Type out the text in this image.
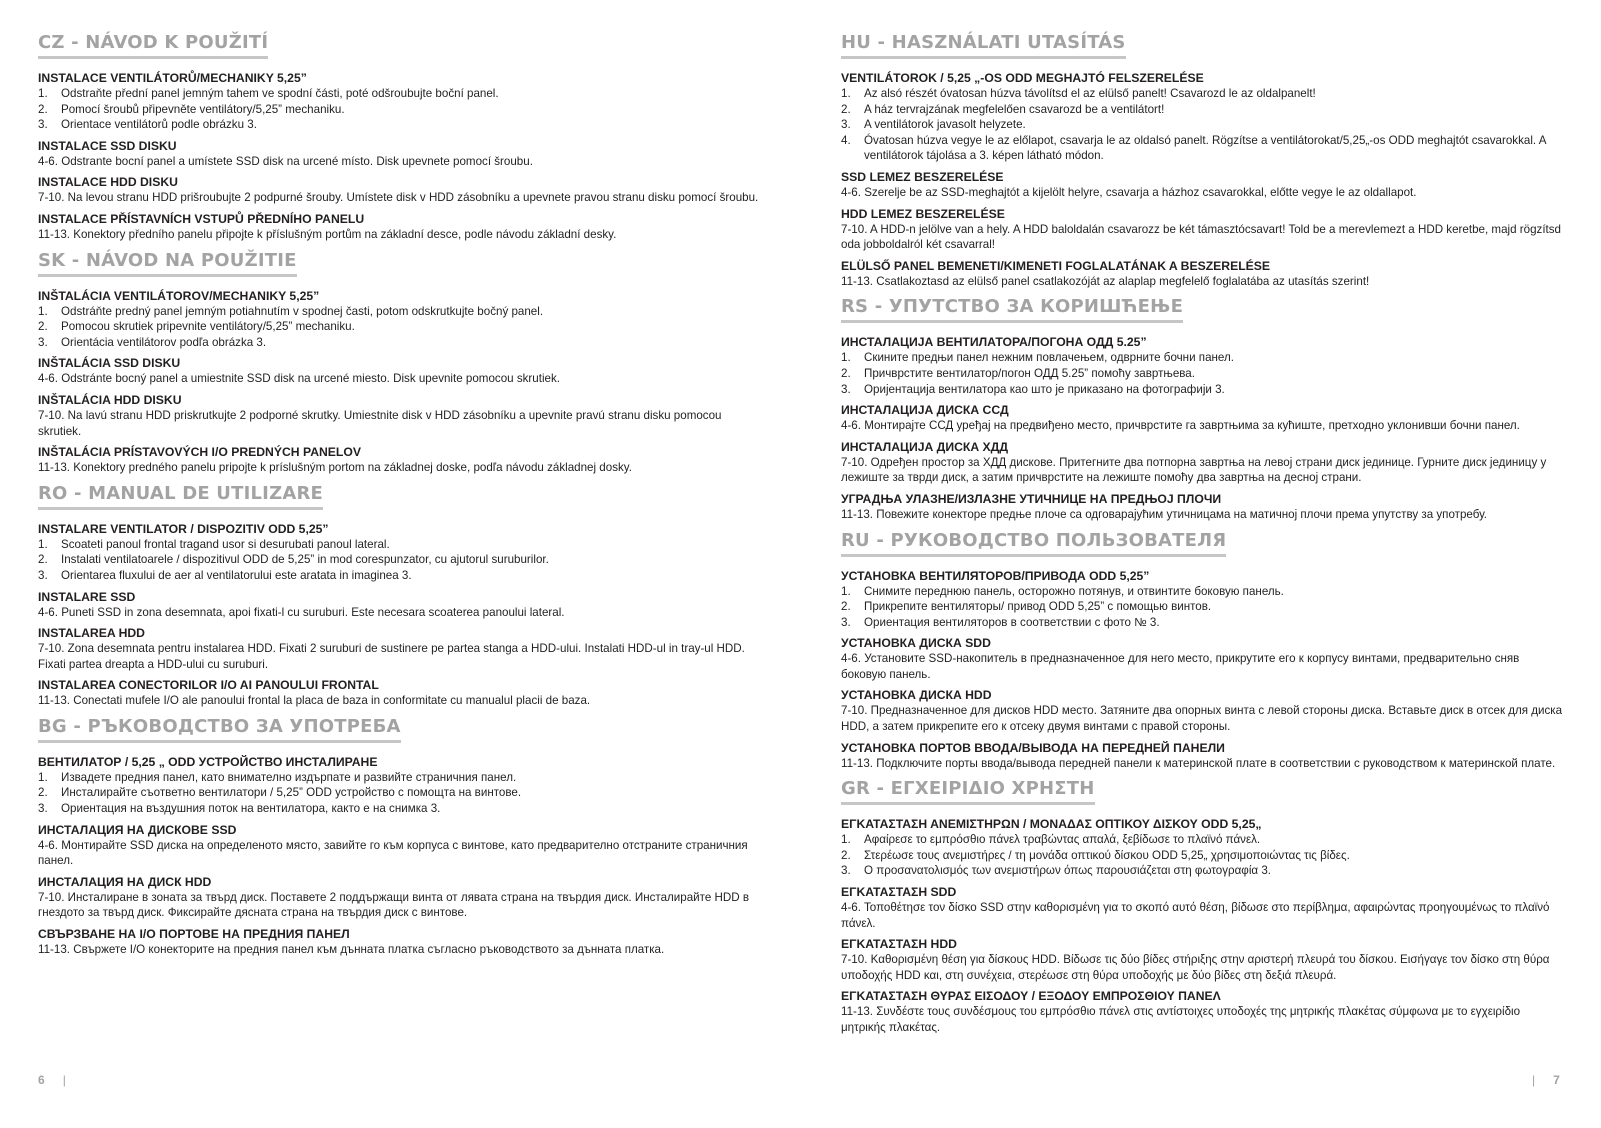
CZ - NÁVOD K POUŽITÍ
INSTALACE VENTILÁTORŮ/MECHANIKY 5,25”
1.	Odstraňte přední panel jemným tahem ve spodní části, poté odšroubujte boční panel.
2.	Pomocí šroubů připevněte ventilátory/5,25” mechaniku.
3.	Orientace ventilátorů podle obrázku 3.
INSTALACE SSD DISKU
4-6. Odstrante bocní panel a umístete SSD disk na urcené místo. Disk upevnete pomocí šroubu.
INSTALACE HDD DISKU
7-10. Na levou stranu HDD prišroubujte 2 podpurné šrouby. Umístete disk v HDD zásobníku a upevnete pravou stranu disku pomocí šroubu.
INSTALACE PŘÍSTAVNÍCH VSTUPŮ PŘEDNÍHO PANELU
11-13. Konektory předního panelu připojte k příslušným portům na základní desce, podle návodu základní desky.
SK - NÁVOD NA POUŽITIE
INŠTALÁCIA VENTILÁTOROV/MECHANIKY 5,25”
1.	Odstráňte predný panel jemným potiahnutím v spodnej časti, potom odskrutkujte bočný panel.
2.	Pomocou skrutiek pripevnite ventilátory/5,25” mechaniku.
3.	Orientácia ventilátorov podľa obrázka 3.
INŠTALÁCIA SSD DISKU
4-6. Odstránte bocný panel a umiestnite SSD disk na urcené miesto. Disk upevnite pomocou skrutiek.
INŠTALÁCIA HDD DISKU
7-10. Na lavú stranu HDD priskrutkujte 2 podporné skrutky. Umiestnite disk v HDD zásobníku a upevnite pravú stranu disku pomocou skrutiek.
INŠTALÁCIA PRÍSTAVOVÝCH I/O PREDNÝCH PANELOV
11-13. Konektory predného panelu pripojte k príslušným portom na základnej doske, podľa návodu základnej dosky.
RO - MANUAL DE UTILIZARE
INSTALARE VENTILATOR / DISPOZITIV ODD 5,25”
1.	Scoateti panoul frontal tragand usor si desurubati panoul lateral.
2.	Instalati ventilatoarele / dispozitivul ODD de 5,25” in mod corespunzator, cu ajutorul suruburilor.
3.	Orientarea fluxului de aer al ventilatorului este aratata in imaginea 3.
INSTALARE SSD
4-6. Puneti SSD in zona desemnata, apoi fixati-l cu suruburi. Este necesara scoaterea panoului lateral.
INSTALAREA HDD
7-10. Zona desemnata pentru instalarea HDD. Fixati 2 suruburi de sustinere pe partea stanga a HDD-ului. Instalati HDD-ul in tray-ul HDD. Fixati partea dreapta a HDD-ului cu suruburi.
INSTALAREA CONECTORILOR I/O AI PANOULUI FRONTAL
11-13. Conectati mufele I/O ale panoului frontal la placa de baza in conformitate cu manualul placii de baza.
BG - РЪКОВОДСТВО ЗА УПОТРЕБА
ВЕНТИЛАТОР / 5,25 „ ODD УСТРОЙСТВО ИНСТАЛИРАНЕ
1.	Извадете предния панел, като внимателно издърпате и развийте страничния панел.
2.	Инсталирайте съответно вентилатори / 5,25” ODD устройство с помощта на винтове.
3.	Ориентация на въздушния поток на вентилатора, както е на снимка 3.
ИНСТАЛАЦИЯ НА ДИСКОВЕ SSD
4-6. Монтирайте SSD диска на определеното място, завийте го към корпуса с винтове, като предварително отстраните страничния панел.
ИНСТАЛАЦИЯ НА ДИСК HDD
7-10. Инсталиране в зоната за твърд диск. Поставете 2 поддържащи винта от лявата страна на твърдия диск. Инсталирайте HDD в гнездото за твърд диск. Фиксирайте дясната страна на твърдия диск с винтове.
СВЪРЗВАНЕ НА I/O ПОРТОВЕ НА ПРЕДНИЯ ПАНЕЛ
11-13. Свържете I/O конекторите на предния панел към дънната платка съгласно ръководството за дънната платка.
HU - HASZNÁLATI UTASÍTÁS
VENTILÁTOROK / 5,25 „-OS ODD MEGHAJTÓ FELSZERELÉSE
1.	Az alsó részét óvatosan húzva távolítsd el az elülső panelt! Csavarozd le az oldalpanelt!
2.	A ház tervrajzának megfelelően csavarozd be a ventilátort!
3.	A ventilátorok javasolt helyzete.
4.	Óvatosan húzva vegye le az előlapot, csavarja le az oldalsó panelt. Rögzítse a ventilátorokat/5,25„-os ODD meghajtót csavarokkal. A ventilátorok tájolása a 3. képen látható módon.
SSD LEMEZ BESZERELÉSE
4-6. Szerelje be az SSD-meghajtót a kijelölt helyre, csavarja a házhoz csavarokkal, előtte vegye le az oldallapot.
HDD LEMEZ BESZERELÉSE
7-10. A HDD-n jelölve van a hely. A HDD baloldalán csavarozz be két támasztócsavart! Told be a merevlemezt a HDD keretbe, majd rögzítsd oda jobboldalról két csavarral!
ELÜLSŐ PANEL BEMENETI/KIMENETI FOGLALATÁNAK A BESZERELÉSE
11-13. Csatlakoztasd az elülső panel csatlakozóját az alaplap megfelelő foglalatába az utasítás szerint!
RS - УПУТСТВО ЗА КОРИШЋЕЊЕ
ИНСТАЛАЦИЈА ВЕНТИЛАТОРА/ПОГОНА ОДД 5.25”
1.	Скините предњи панел нежним повлачењем, одврните бочни панел.
2.	Причврстите вентилатор/погон ОДД 5.25” помоћу завртњева.
3.	Оријентација вентилатора као што је приказано на фотографији 3.
ИНСТАЛАЦИЈА ДИСКА ССД
4-6. Монтирајте ССД уређај на предвиђено место, причврстите га завртњима за кућиште, претходно уклонивши бочни панел.
ИНСТАЛАЦИЈА ДИСКА ХДД
7-10. Одређен простор за ХДД дискове. Притегните два потпорна завртња на левој страни диск јединице. Гурните диск јединицу у лежиште за тврди диск, а затим причврстите на лежиште помоћу два завртња на десној страни.
УГРАДЊА УЛАЗНЕ/ИЗЛАЗНЕ УТИЧНИЦЕ НА ПРЕДЊОЈ ПЛОЧИ
11-13. Повежите конекторе предње плоче са одговарајућим утичницама на матичној плочи према упутству за употребу.
RU - РУКОВОДСТВО ПОЛЬЗОВАТЕЛЯ
УСТАНОВКА ВЕНТИЛЯТОРОВ/ПРИВОДА ODD 5,25”
1.	Снимите переднюю панель, осторожно потянув, и отвинтите боковую панель.
2.	Прикрепите вентиляторы/ привод ODD 5,25” с помощью винтов.
3.	Ориентация вентиляторов в соответствии с фото № 3.
УСТАНОВКА ДИСКА SDD
4-6. Установите SSD-накопитель в предназначенное для него место, прикрутите его к корпусу винтами, предварительно сняв боковую панель.
УСТАНОВКА ДИСКА HDD
7-10. Предназначенное для дисков HDD место. Затяните два опорных винта с левой стороны диска. Вставьте диск в отсек для диска HDD, а затем прикрепите его к отсеку двумя винтами с правой стороны.
УСТАНОВКА ПОРТОВ ВВОДА/ВЫВОДА НА ПЕРЕДНЕЙ ПАНЕЛИ
11-13. Подключите порты ввода/вывода передней панели к материнской плате в соответствии с руководством к материнской плате.
GR - ΕΓΧΕΙΡΙΔΙΟ ΧΡΗΣΤΗ
ΕΓΚΑΤΑΣΤΑΣΗ ΑΝΕΜΙΣΤΗΡΩΝ / ΜΟΝΑΔΑΣ ΟΠΤΙΚΟΥ ΔΙΣΚΟΥ ODD 5,25„
1.	Αφαίρεσε το εμπρόσθιο πάνελ τραβώντας απαλά, ξεβίδωσε το πλαϊνό πάνελ.
2.	Στερέωσε τους ανεμιστήρες / τη μονάδα οπτικού δίσκου ODD 5,25„ χρησιμοποιώντας τις βίδες.
3.	Ο προσανατολισμός των ανεμιστήρων όπως παρουσιάζεται στη φωτογραφία 3.
ΕΓΚΑΤΑΣΤΑΣΗ SDD
4-6. Τοποθέτησε τον δίσκο SSD στην καθορισμένη για το σκοπό αυτό θέση, βίδωσε στο περίβλημα, αφαιρώντας προηγουμένως το πλαϊνό πάνελ.
ΕΓΚΑΤΑΣΤΑΣΗ HDD
7-10. Καθορισμένη θέση για δίσκους HDD. Βίδωσε τις δύο βίδες στήριξης στην αριστερή πλευρά του δίσκου. Εισήγαγε τον δίσκο στη θύρα υποδοχής HDD και, στη συνέχεια, στερέωσε στη θύρα υποδοχής με δύο βίδες στη δεξιά πλευρά.
ΕΓΚΑΤΑΣΤΑΣΗ ΘΥΡΑΣ ΕΙΣΟΔΟΥ / ΕΞΟΔΟΥ ΕΜΠΡΟΣΘΙΟΥ ΠΑΝΕΛ
11-13. Συνδέστε τους συνδέσμους του εμπρόσθιο πάνελ στις αντίστοιχες υποδοχές της μητρικής πλακέτας σύμφωνα με το εγχειρίδιο μητρικής πλακέτας.
6 |	| 7
